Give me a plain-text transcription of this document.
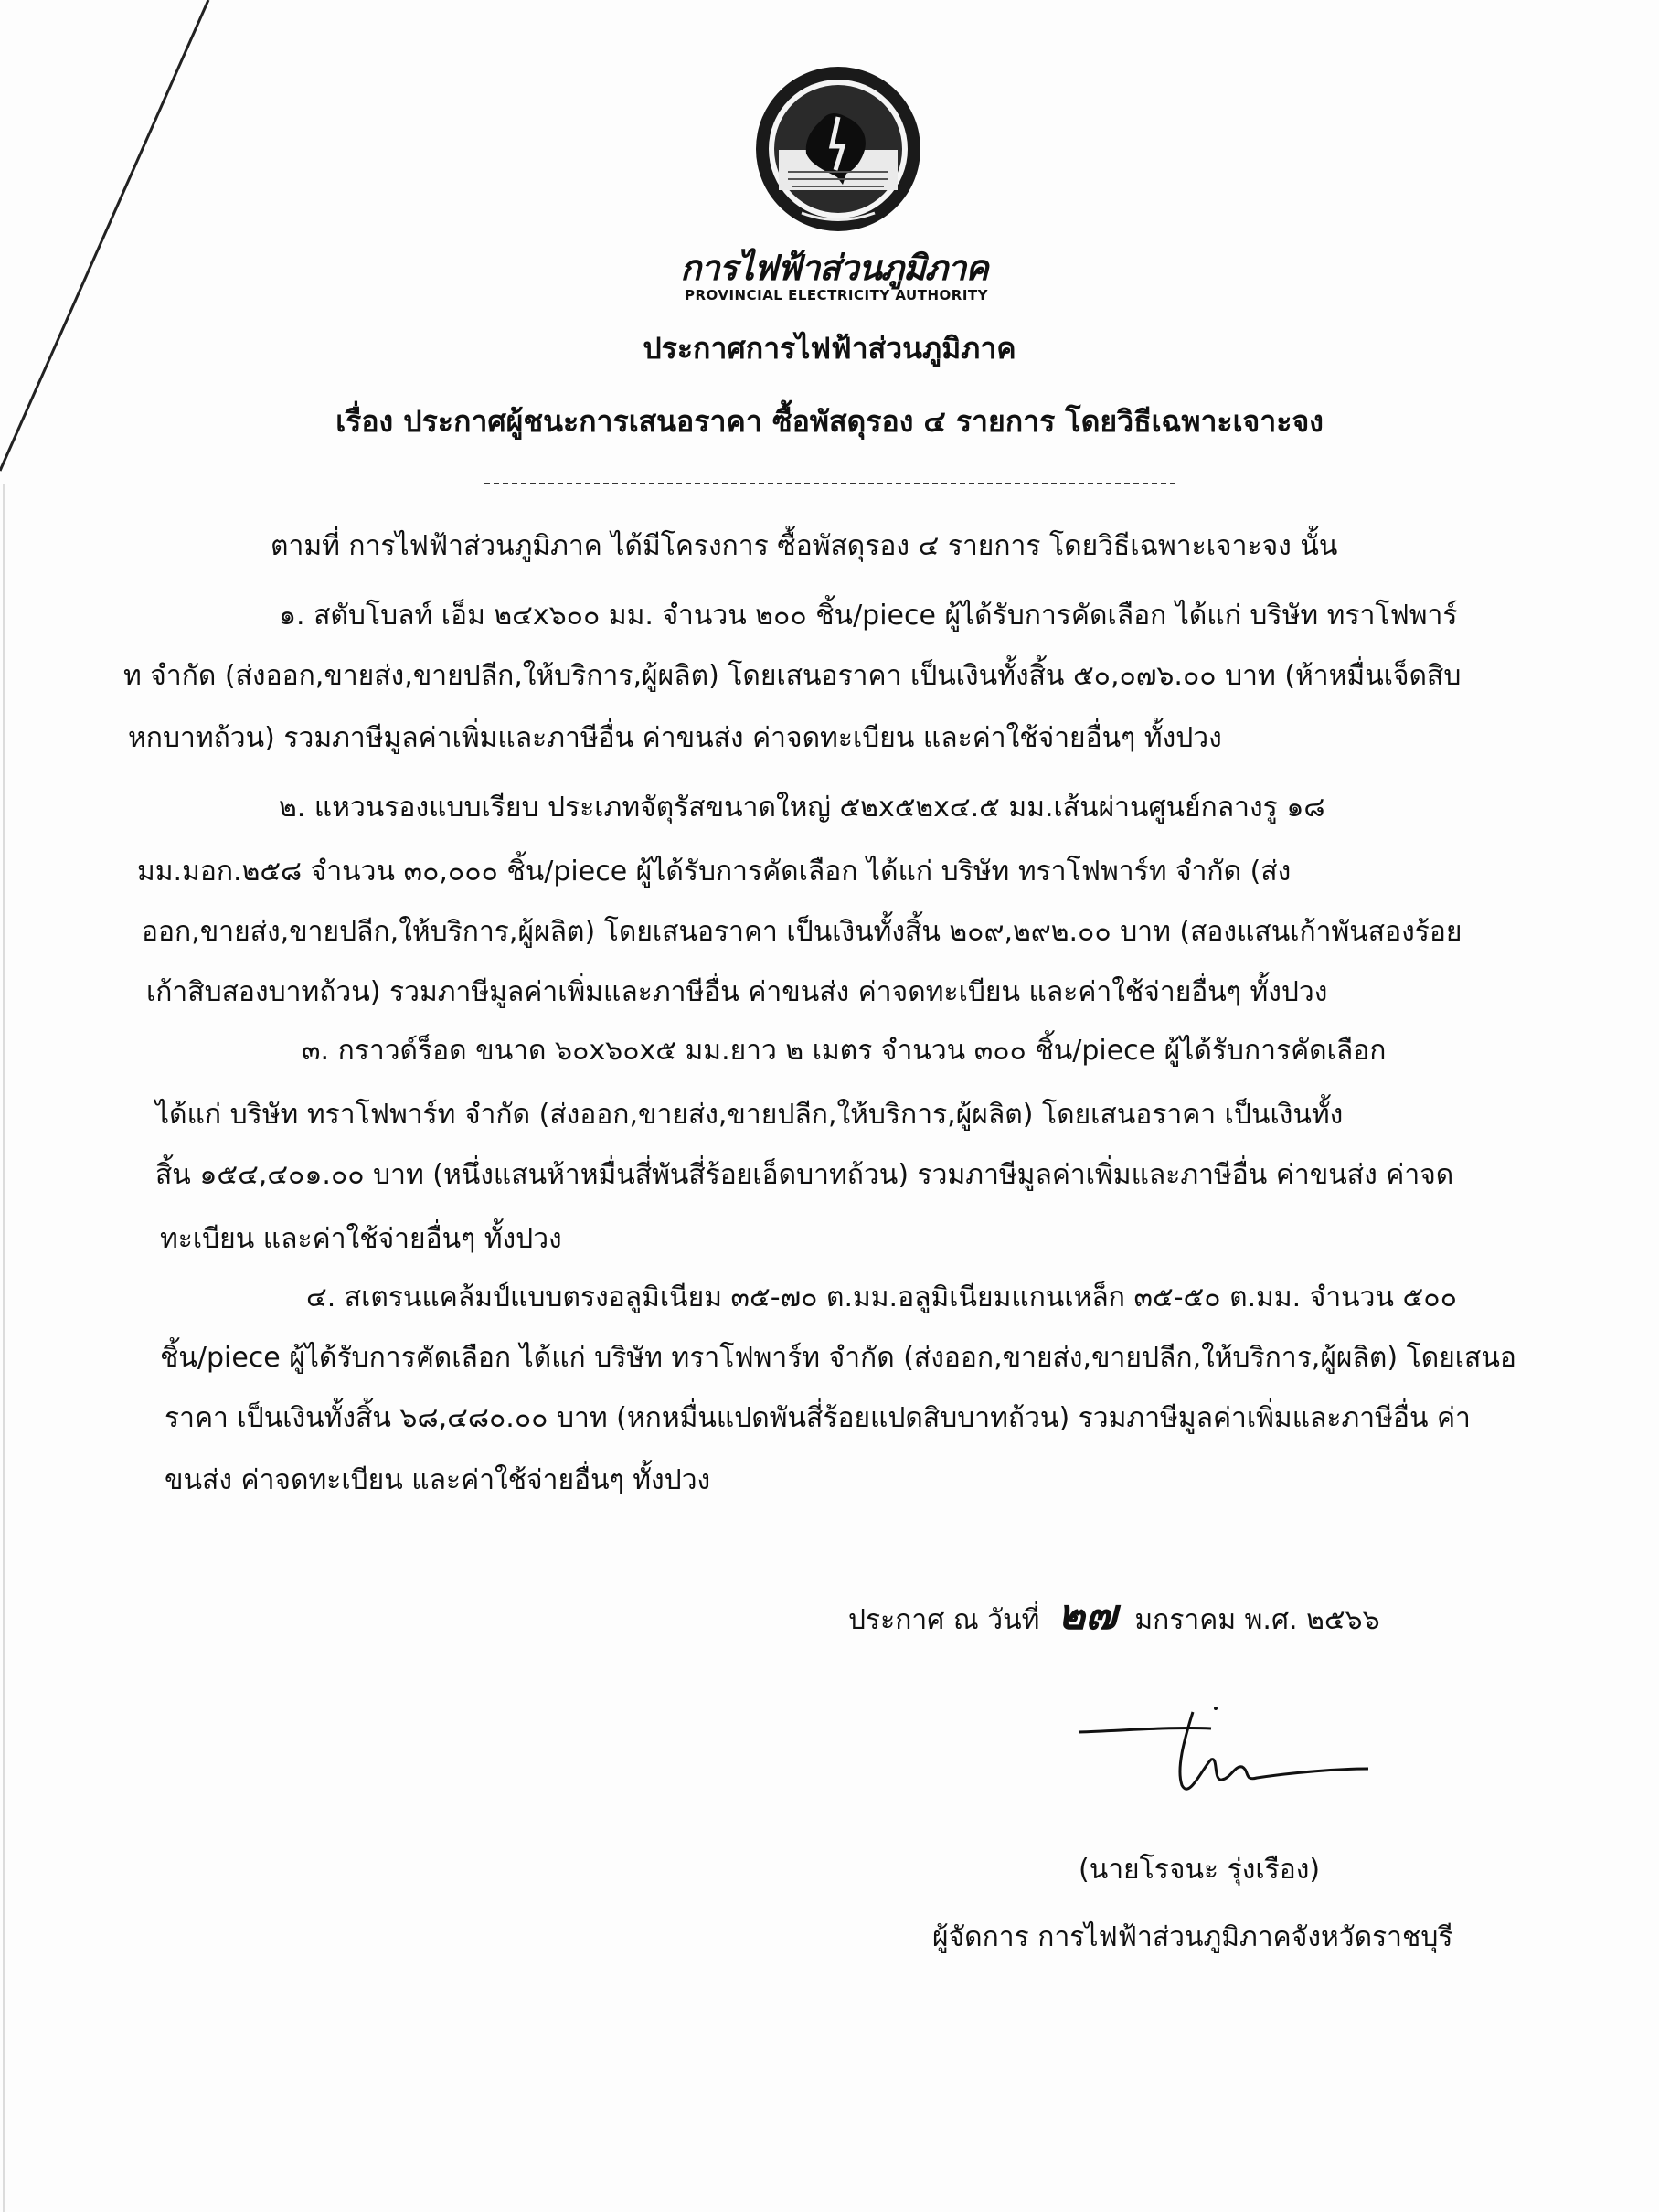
การไฟฟ้าส่วนภูมิภาค
PROVINCIAL ELECTRICITY AUTHORITY
ประกาศการไฟฟ้าส่วนภูมิภาค
เรื่อง ประกาศผู้ชนะการเสนอราคา ซื้อพัสดุรอง ๔ รายการ โดยวิธีเฉพาะเจาะจง
ตามที่ การไฟฟ้าส่วนภูมิภาค ได้มีโครงการ ซื้อพัสดุรอง ๔ รายการ โดยวิธีเฉพาะเจาะจง นั้น
๑. สตับโบลท์ เอ็ม ๒๔x๖๐๐ มม. จำนวน ๒๐๐ ชิ้น/piece ผู้ได้รับการคัดเลือก ได้แก่ บริษัท ทราโฟพาร์
ท จำกัด (ส่งออก,ขายส่ง,ขายปลีก,ให้บริการ,ผู้ผลิต) โดยเสนอราคา เป็นเงินทั้งสิ้น ๕๐,๐๗๖.๐๐ บาท (ห้าหมื่นเจ็ดสิบ
หกบาทถ้วน) รวมภาษีมูลค่าเพิ่มและภาษีอื่น ค่าขนส่ง ค่าจดทะเบียน และค่าใช้จ่ายอื่นๆ ทั้งปวง
๒. แหวนรองแบบเรียบ ประเภทจัตุรัสขนาดใหญ่ ๕๒x๕๒x๔.๕ มม.เส้นผ่านศูนย์กลางรู ๑๘
มม.มอก.๒๕๘ จำนวน ๓๐,๐๐๐ ชิ้น/piece ผู้ได้รับการคัดเลือก ได้แก่ บริษัท ทราโฟพาร์ท จำกัด (ส่ง
ออก,ขายส่ง,ขายปลีก,ให้บริการ,ผู้ผลิต) โดยเสนอราคา เป็นเงินทั้งสิ้น ๒๐๙,๒๙๒.๐๐ บาท (สองแสนเก้าพันสองร้อย
เก้าสิบสองบาทถ้วน) รวมภาษีมูลค่าเพิ่มและภาษีอื่น ค่าขนส่ง ค่าจดทะเบียน และค่าใช้จ่ายอื่นๆ ทั้งปวง
๓. กราวด์ร็อด ขนาด ๖๐x๖๐x๕ มม.ยาว ๒ เมตร จำนวน ๓๐๐ ชิ้น/piece ผู้ได้รับการคัดเลือก
ได้แก่ บริษัท ทราโฟพาร์ท จำกัด (ส่งออก,ขายส่ง,ขายปลีก,ให้บริการ,ผู้ผลิต) โดยเสนอราคา เป็นเงินทั้ง
สิ้น ๑๕๔,๔๐๑.๐๐ บาท (หนึ่งแสนห้าหมื่นสี่พันสี่ร้อยเอ็ดบาทถ้วน) รวมภาษีมูลค่าเพิ่มและภาษีอื่น ค่าขนส่ง ค่าจด
ทะเบียน และค่าใช้จ่ายอื่นๆ ทั้งปวง
๔. สเตรนแคล้มป์แบบตรงอลูมิเนียม ๓๕-๗๐ ต.มม.อลูมิเนียมแกนเหล็ก ๓๕-๕๐ ต.มม. จำนวน ๕๐๐
ชิ้น/piece ผู้ได้รับการคัดเลือก ได้แก่ บริษัท ทราโฟพาร์ท จำกัด (ส่งออก,ขายส่ง,ขายปลีก,ให้บริการ,ผู้ผลิต) โดยเสนอ
ราคา เป็นเงินทั้งสิ้น ๖๘,๔๘๐.๐๐ บาท (หกหมื่นแปดพันสี่ร้อยแปดสิบบาทถ้วน) รวมภาษีมูลค่าเพิ่มและภาษีอื่น ค่า
ขนส่ง ค่าจดทะเบียน และค่าใช้จ่ายอื่นๆ ทั้งปวง
ประกาศ ณ วันที่ ๒๗ มกราคม พ.ศ. ๒๕๖๖
(นายโรจนะ รุ่งเรือง)
ผู้จัดการ การไฟฟ้าส่วนภูมิภาคจังหวัดราชบุรี
